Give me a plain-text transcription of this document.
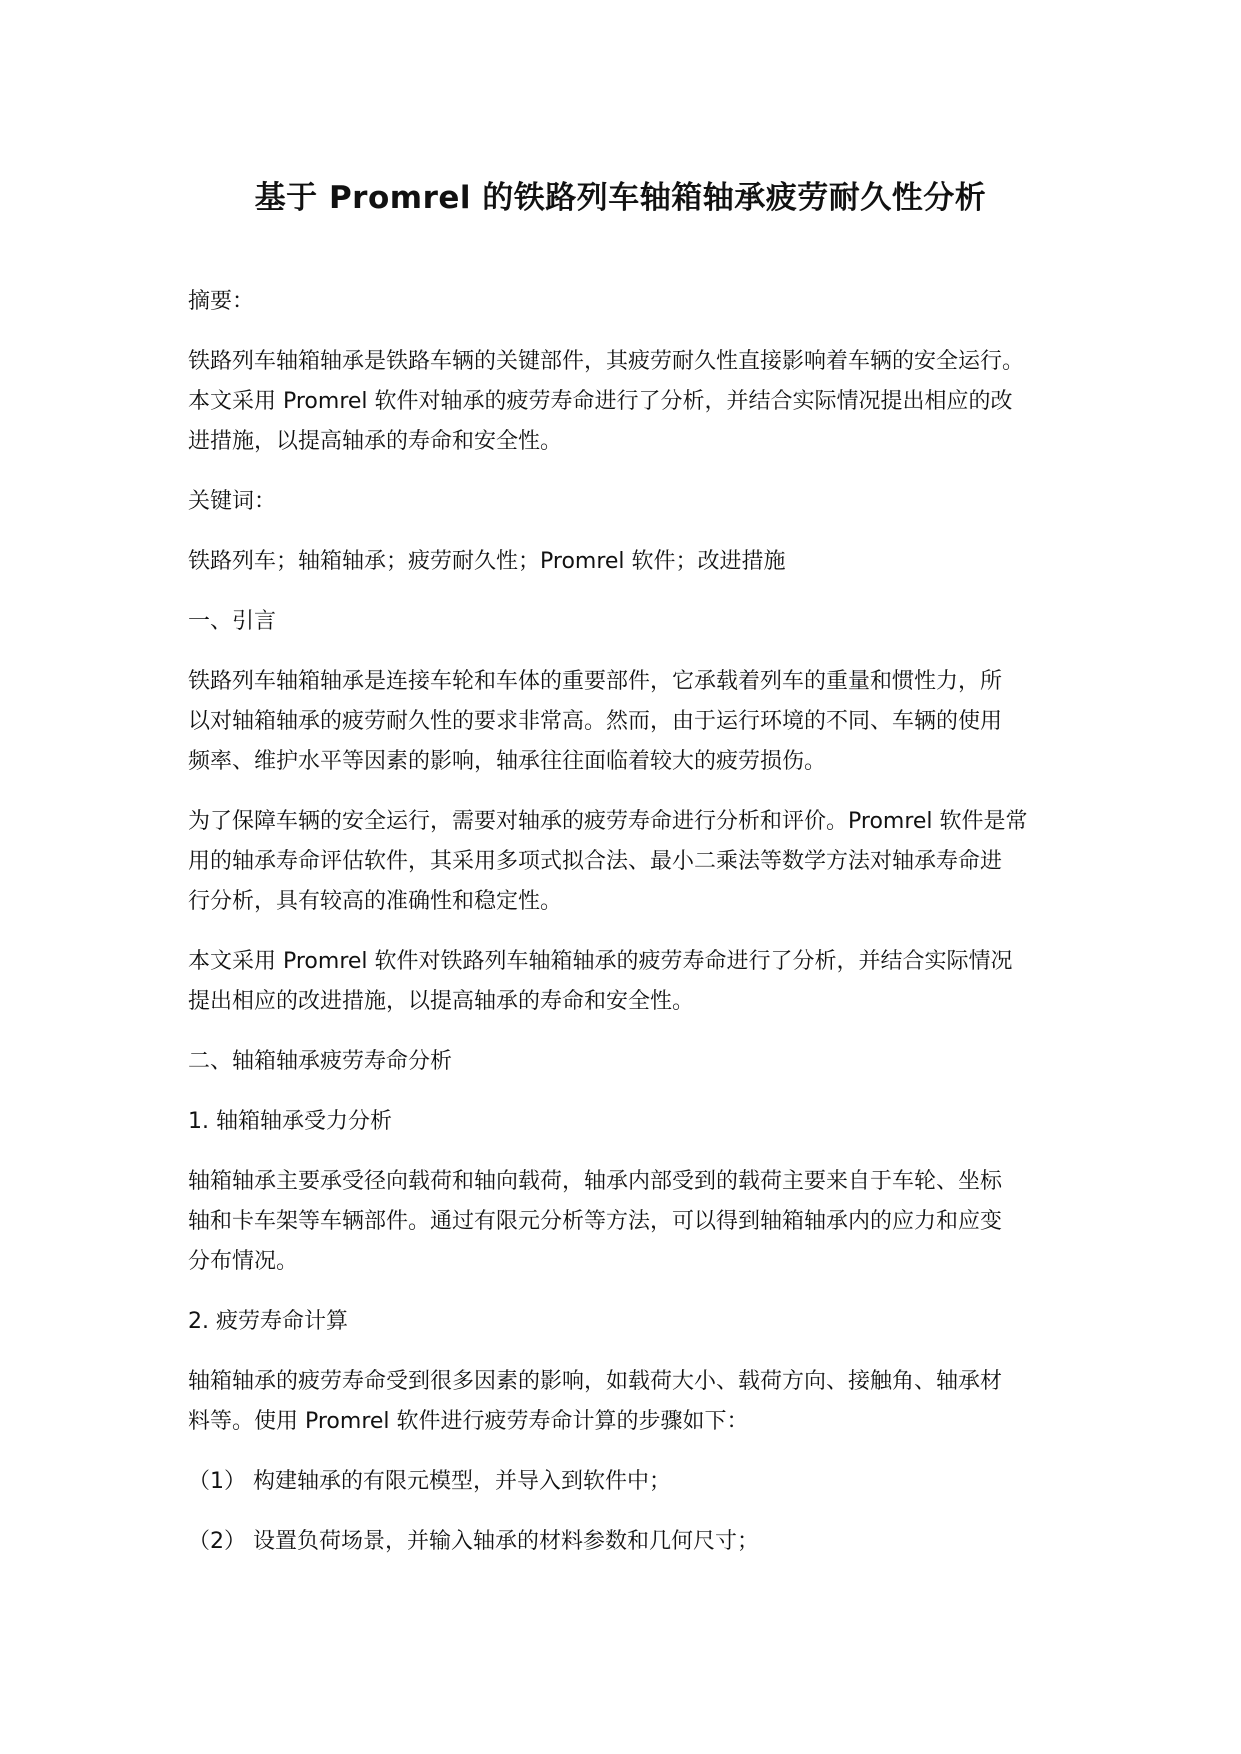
基于 Promrel 的铁路列车轴箱轴承疲劳耐久性分析

摘要：

铁路列车轴箱轴承是铁路车辆的关键部件，其疲劳耐久性直接影响着车辆的安全运行。
本文采用 Promrel 软件对轴承的疲劳寿命进行了分析，并结合实际情况提出相应的改
进措施，以提高轴承的寿命和安全性。

关键词：

铁路列车；轴箱轴承；疲劳耐久性；Promrel 软件；改进措施

一、引言

铁路列车轴箱轴承是连接车轮和车体的重要部件，它承载着列车的重量和惯性力，所
以对轴箱轴承的疲劳耐久性的要求非常高。然而，由于运行环境的不同、车辆的使用
频率、维护水平等因素的影响，轴承往往面临着较大的疲劳损伤。

为了保障车辆的安全运行，需要对轴承的疲劳寿命进行分析和评价。Promrel 软件是常
用的轴承寿命评估软件，其采用多项式拟合法、最小二乘法等数学方法对轴承寿命进
行分析，具有较高的准确性和稳定性。

本文采用 Promrel 软件对铁路列车轴箱轴承的疲劳寿命进行了分析，并结合实际情况
提出相应的改进措施，以提高轴承的寿命和安全性。

二、轴箱轴承疲劳寿命分析

1. 轴箱轴承受力分析

轴箱轴承主要承受径向载荷和轴向载荷，轴承内部受到的载荷主要来自于车轮、坐标
轴和卡车架等车辆部件。通过有限元分析等方法，可以得到轴箱轴承内的应力和应变
分布情况。

2. 疲劳寿命计算

轴箱轴承的疲劳寿命受到很多因素的影响，如载荷大小、载荷方向、接触角、轴承材
料等。使用 Promrel 软件进行疲劳寿命计算的步骤如下：

（1） 构建轴承的有限元模型，并导入到软件中；

（2） 设置负荷场景，并输入轴承的材料参数和几何尺寸；
